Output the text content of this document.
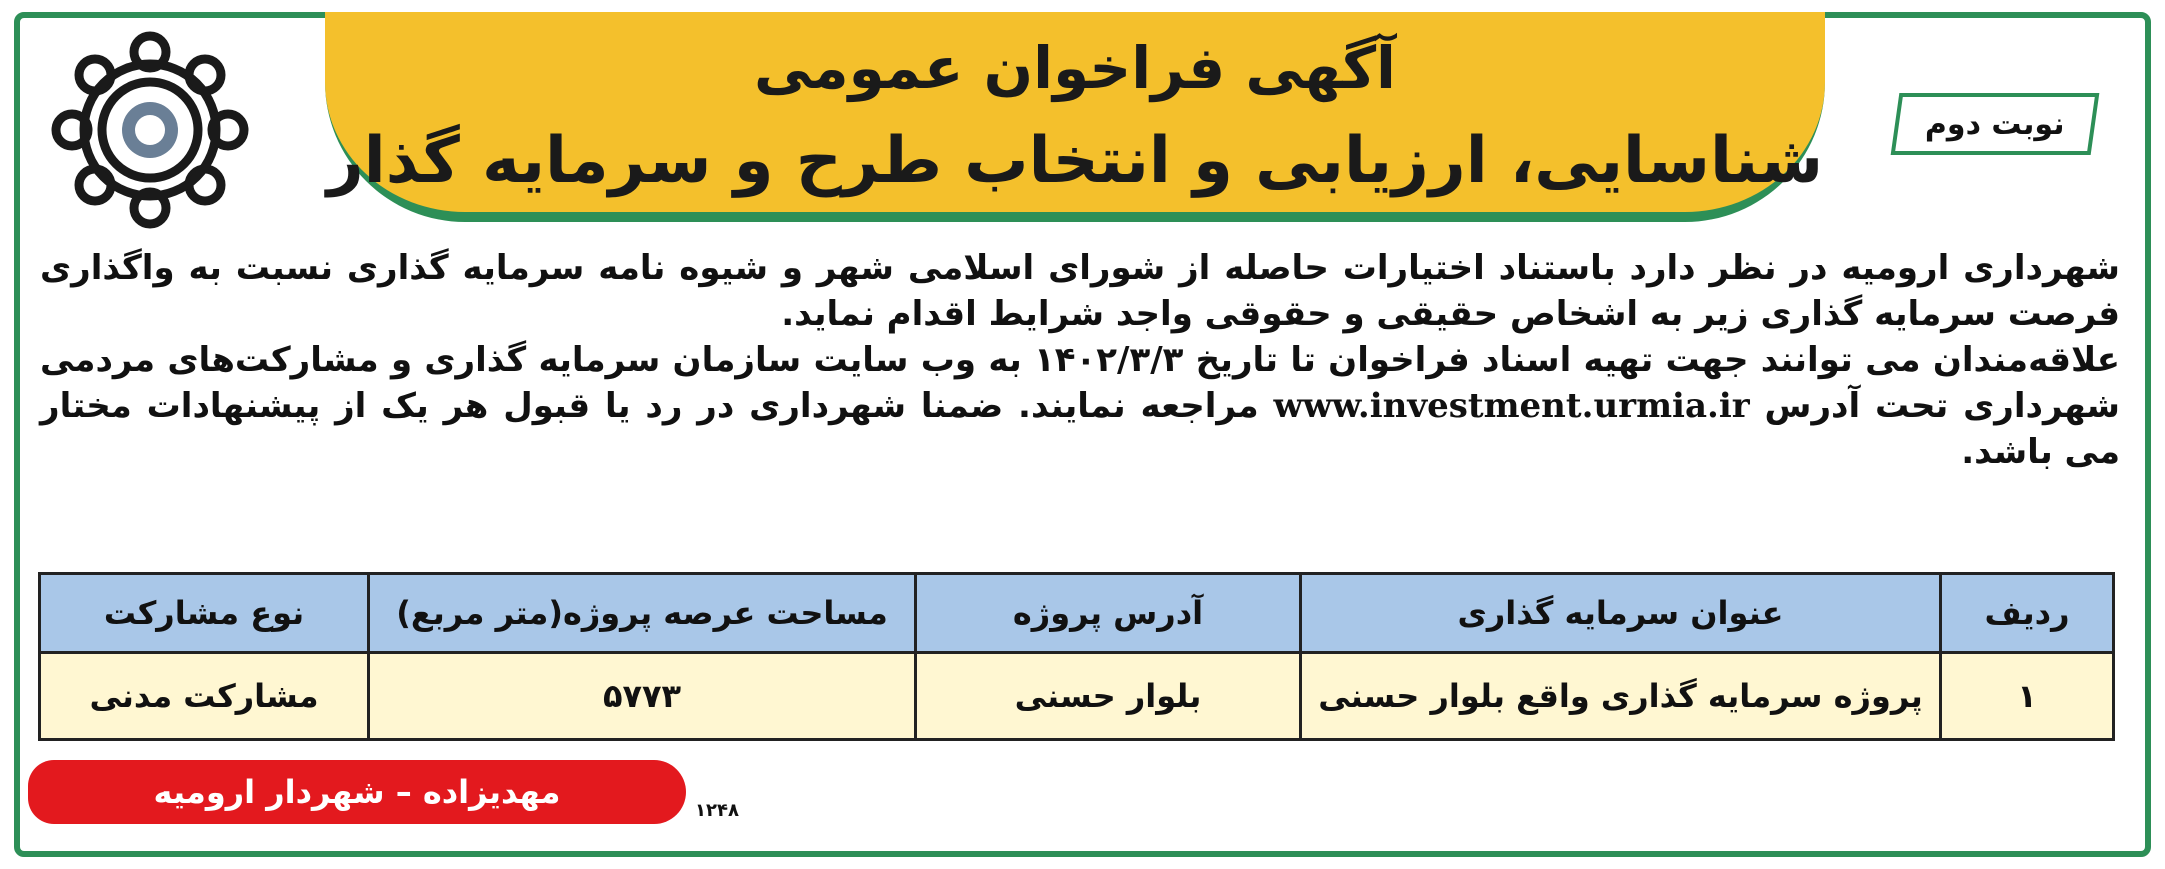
آگهی فراخوان عمومی
شناسایی، ارزیابی و انتخاب طرح و سرمایه گذار	نوبت دوم

شهرداری ارومیه در نظر دارد باستناد اختیارات حاصله از شورای اسلامی شهر و شیوه نامه سرمایه گذاری نسبت به واگذاری فرصت سرمایه گذاری زیر به اشخاص حقیقی و حقوقی واجد شرایط اقدام نماید.

علاقه‌مندان می توانند جهت تهیه اسناد فراخوان تا تاریخ ۱۴۰۲/۳/۳ به وب سایت سازمان سرمایه گذاری و مشارکت‌های مردمی شهرداری تحت آدرس www.investment.urmia.ir مراجعه نمایند. ضمنا شهرداری در رد یا قبول هر یک از پیشنهادات مختار می باشد.

ردیف	عنوان سرمایه گذاری	آدرس پروژه	مساحت عرصه پروژه(متر مربع)	نوع مشارکت
۱	پروژه سرمایه گذاری واقع بلوار حسنی	بلوار حسنی	۵۷۷۳	مشارکت مدنی
مهدیزاده – شهردار ارومیه	۱۲۴۸
